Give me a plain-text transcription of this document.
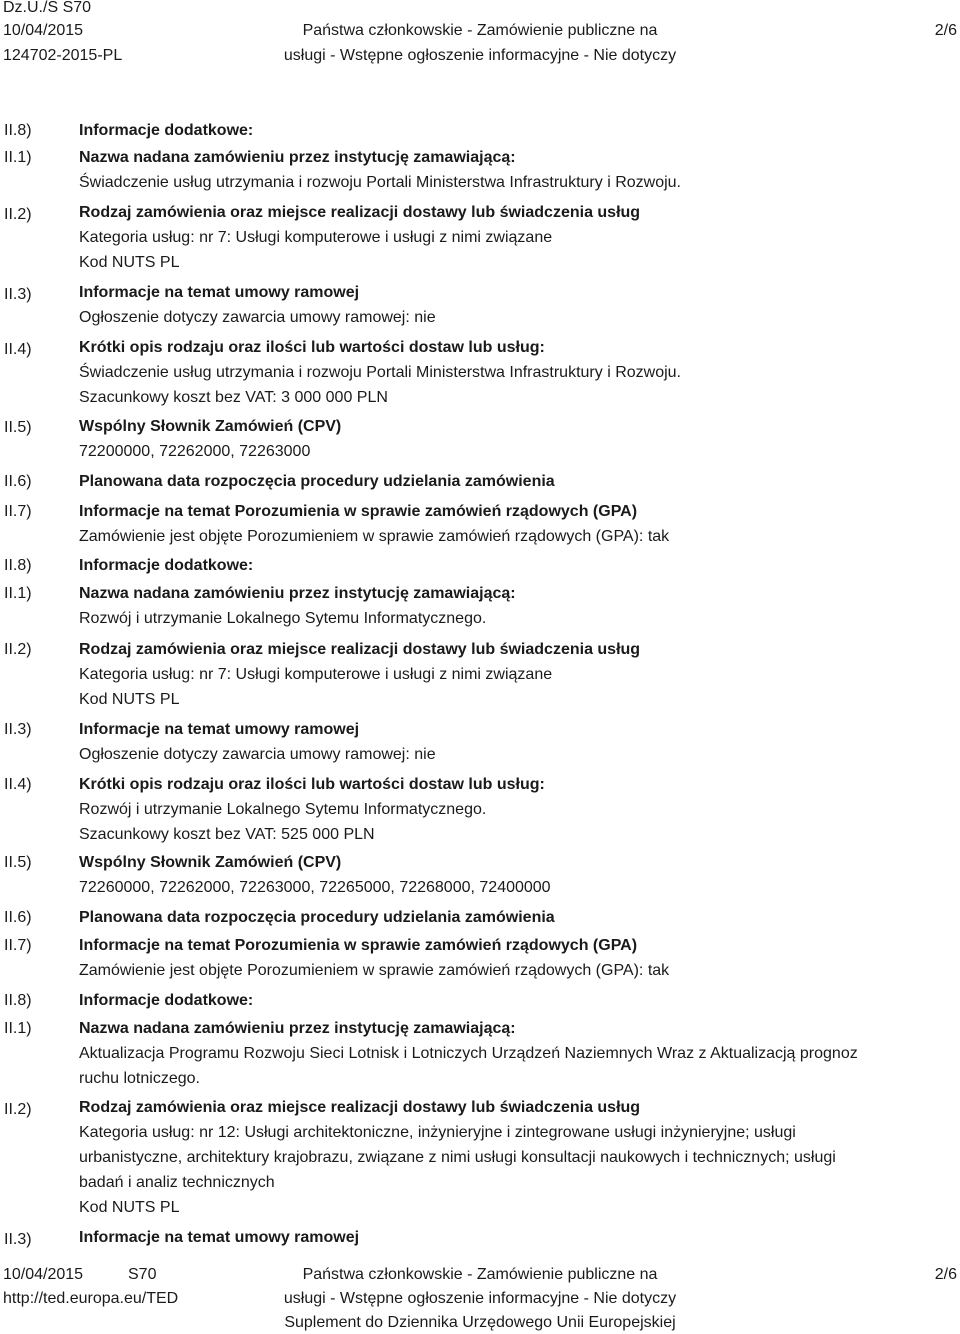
Dz.U./S S70
10/04/2015
124702-2015-PL
Państwa członkowskie - Zamówienie publiczne na
usługi - Wstępne ogłoszenie informacyjne - Nie dotyczy
2/6
II.8)
II.1)
II.2)
II.3)
II.4)
II.5)
II.6)
II.7)
II.8)
II.1)
II.2)
II.3)
II.4)
II.5)
II.6)
II.7)
II.8)
II.1)
II.2)
II.3)
Informacje dodatkowe:
Nazwa nadana zamówieniu przez instytucję zamawiającą:
Świadczenie usług utrzymania i rozwoju Portali Ministerstwa Infrastruktury i Rozwoju.
Rodzaj zamówienia oraz miejsce realizacji dostawy lub świadczenia usług
Kategoria usług: nr 7: Usługi komputerowe i usługi z nimi związane
Kod NUTS PL
Informacje na temat umowy ramowej
Ogłoszenie dotyczy zawarcia umowy ramowej: nie
Krótki opis rodzaju oraz ilości lub wartości dostaw lub usług:
Świadczenie usług utrzymania i rozwoju Portali Ministerstwa Infrastruktury i Rozwoju.
Szacunkowy koszt bez VAT: 3 000 000 PLN
Wspólny Słownik Zamówień (CPV)
72200000, 72262000, 72263000
Planowana data rozpoczęcia procedury udzielania zamówienia
Informacje na temat Porozumienia w sprawie zamówień rządowych (GPA)
Zamówienie jest objęte Porozumieniem w sprawie zamówień rządowych (GPA): tak
Informacje dodatkowe:
Nazwa nadana zamówieniu przez instytucję zamawiającą:
Rozwój i utrzymanie Lokalnego Sytemu Informatycznego.
Rodzaj zamówienia oraz miejsce realizacji dostawy lub świadczenia usług
Kategoria usług: nr 7: Usługi komputerowe i usługi z nimi związane
Kod NUTS PL
Informacje na temat umowy ramowej
Ogłoszenie dotyczy zawarcia umowy ramowej: nie
Krótki opis rodzaju oraz ilości lub wartości dostaw lub usług:
Rozwój i utrzymanie Lokalnego Sytemu Informatycznego.
Szacunkowy koszt bez VAT: 525 000 PLN
Wspólny Słownik Zamówień (CPV)
72260000, 72262000, 72263000, 72265000, 72268000, 72400000
Planowana data rozpoczęcia procedury udzielania zamówienia
Informacje na temat Porozumienia w sprawie zamówień rządowych (GPA)
Zamówienie jest objęte Porozumieniem w sprawie zamówień rządowych (GPA): tak
Informacje dodatkowe:
Nazwa nadana zamówieniu przez instytucję zamawiającą:
Aktualizacja Programu Rozwoju Sieci Lotnisk i Lotniczych Urządzeń Naziemnych Wraz z Aktualizacją prognoz
ruchu lotniczego.
Rodzaj zamówienia oraz miejsce realizacji dostawy lub świadczenia usług
Kategoria usług: nr 12: Usługi architektoniczne, inżynieryjne i zintegrowane usługi inżynieryjne; usługi
urbanistyczne, architektury krajobrazu, związane z nimi usługi konsultacji naukowych i technicznych; usługi
badań i analiz technicznych
Kod NUTS PL
Informacje na temat umowy ramowej
10/04/2015	S70
http://ted.europa.eu/TED
Państwa członkowskie - Zamówienie publiczne na
usługi - Wstępne ogłoszenie informacyjne - Nie dotyczy
Suplement do Dziennika Urzędowego Unii Europejskiej
2/6
